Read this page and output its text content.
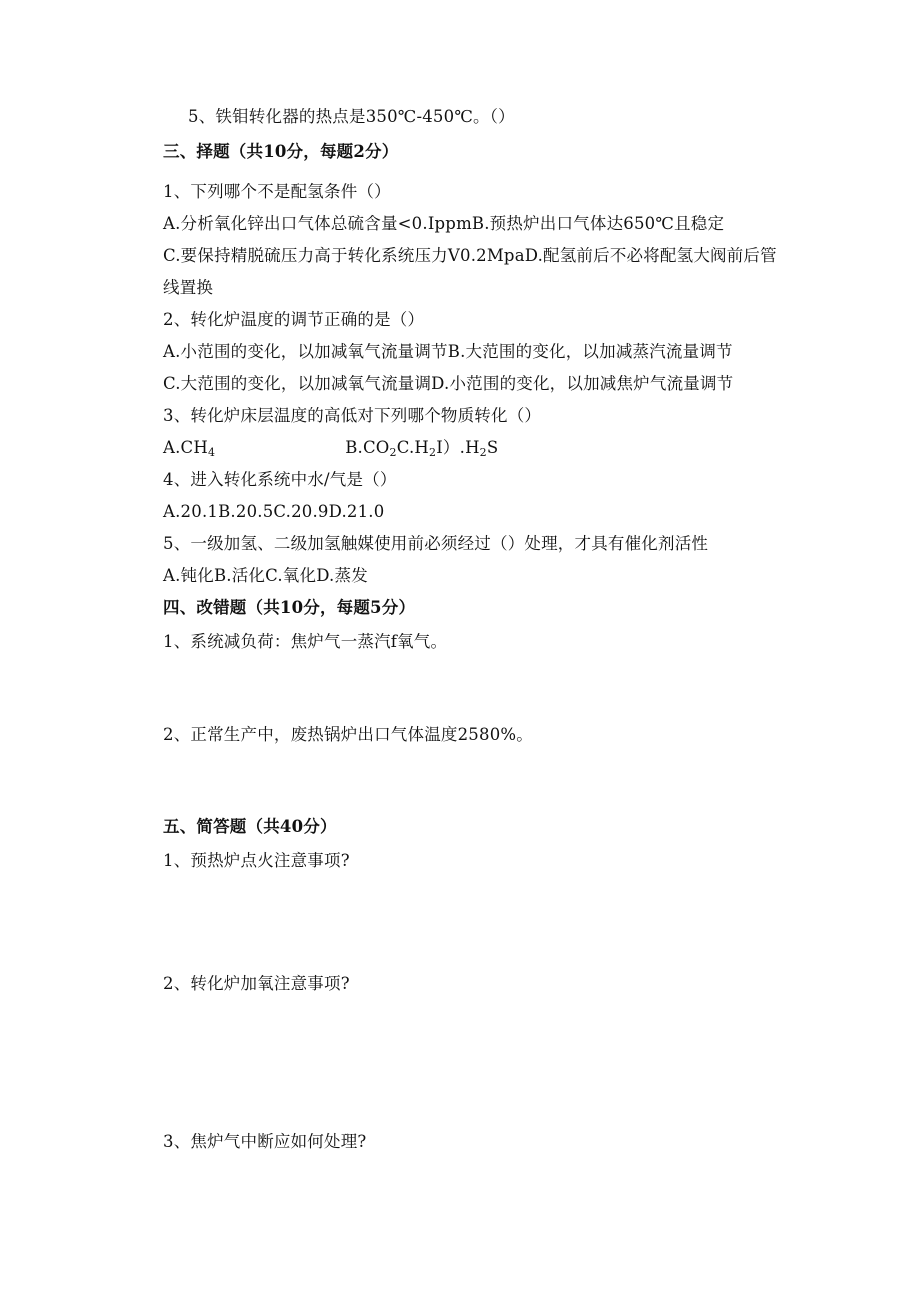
5、铁钼转化器的热点是350℃-450℃。（）
三、择题（共10分，每题2分）
1、下列哪个不是配氢条件（）
A.分析氧化锌出口气体总硫含量<0.IppmB.预热炉出口气体达650℃且稳定
C.要保持精脱硫压力高于转化系统压力V0.2MpaD.配氢前后不必将配氢大阀前后管
线置换
2、转化炉温度的调节正确的是（）
A.小范围的变化，以加减氧气流量调节B.大范围的变化，以加减蒸汽流量调节
C.大范围的变化，以加减氧气流量调D.小范围的变化，以加减焦炉气流量调节
3、转化炉床层温度的高低对下列哪个物质转化（）
$A.CH_4$	$B.CO_2C.H_2I).H_2S$
4、进入转化系统中水/气是（）
A.20.1B.20.5C.20.9D.21.0
5、一级加氢、二级加氢触媒使用前必须经过（）处理，才具有催化剂活性
A.钝化B.活化C.氧化D.蒸发
四、改错题（共10分，每题5分）
1、系统减负荷：焦炉气一蒸汽f氧气。
2、正常生产中，废热锅炉出口气体温度2580%。
五、简答题（共40分）
1、预热炉点火注意事项?
2、转化炉加氧注意事项?
3、焦炉气中断应如何处理?
